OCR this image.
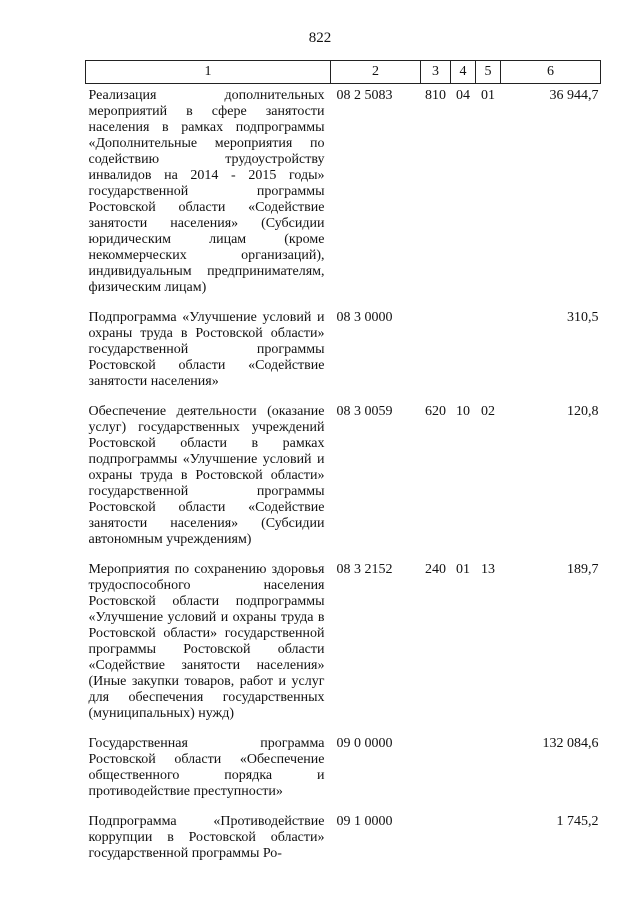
822
1	2	3	4	5	6
Реализация дополнительных мероприятий в сфере занятости населения в рамках подпрограммы «Дополнительные мероприятия по содействию трудоустройству инвалидов на 2014 - 2015 годы» государственной программы Ростовской области «Содействие занятости населения» (Субсидии юридическим лицам (кроме некоммерческих организаций), индивидуальным предпринимателям, физическим лицам)	08 2 5083	810	04	01	36 944,7
Подпрограмма «Улучшение условий и охраны труда в Ростовской области» государственной программы Ростовской области «Содействие занятости населения»	08 3 0000				310,5
Обеспечение деятельности (оказание услуг) государственных учреждений Ростовской области в рамках подпрограммы «Улучшение условий и охраны труда в Ростовской области» государственной программы Ростовской области «Содействие занятости населения» (Субсидии автономным учреждениям)	08 3 0059	620	10	02	120,8
Мероприятия по сохранению здоровья трудоспособного населения Ростовской области подпрограммы «Улучшение условий и охраны труда в Ростовской области» государственной программы Ростовской области «Содействие занятости населения» (Иные закупки товаров, работ и услуг для обеспечения государственных (муниципальных) нужд)	08 3 2152	240	01	13	189,7
Государственная программа Ростовской области «Обеспечение общественного порядка и противодействие преступности»	09 0 0000				132 084,6
Подпрограмма «Противодействие коррупции в Ростовской области» государственной программы Ро-	09 1 0000				1 745,2
